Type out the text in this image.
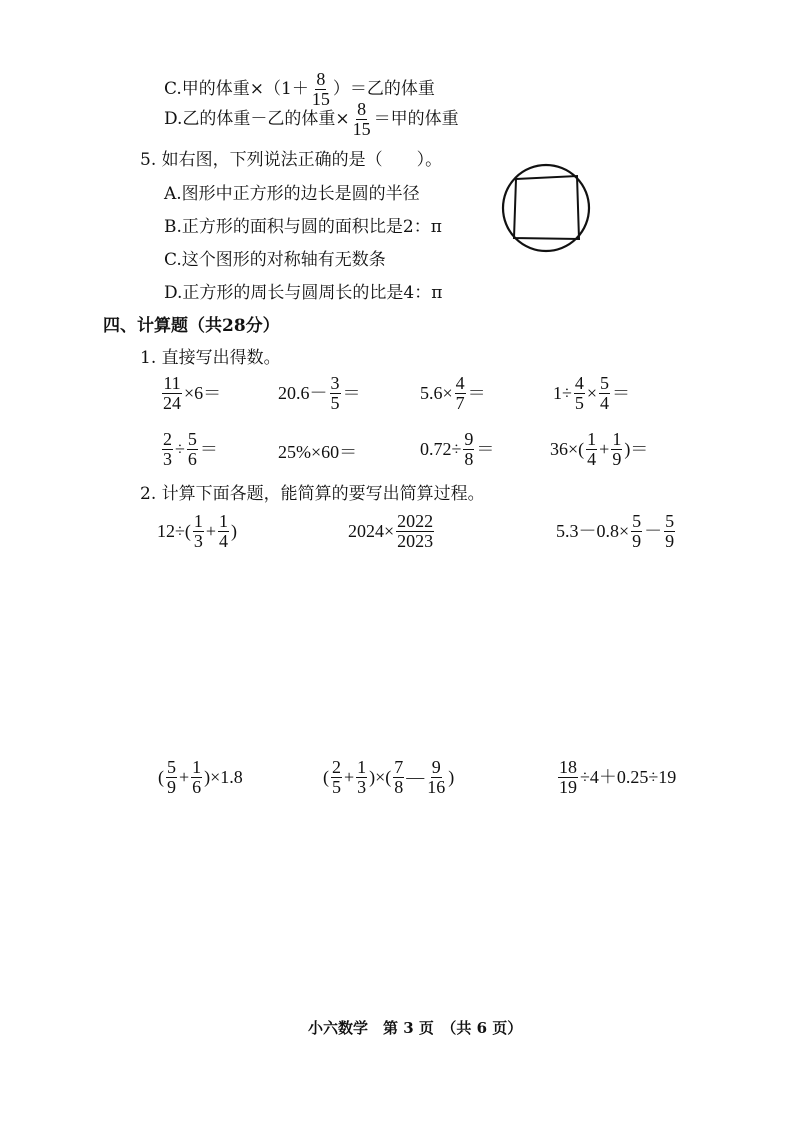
C.甲的体重$\times(1+ \frac{8}{15}$ ）＝乙的体重
D.乙的体重－乙的体重× $\frac{8}{15}$ ＝甲的体重
5. 如右图，下列说法正确的是（　　）。
A.图形中正方形的边长是圆的半径
B.正方形的面积与圆的面积比是2：π
C.这个图形的对称轴有无数条
D.正方形的周长与圆周长的比是4：π
四、计算题（共28分）
1. 直接写出得数。
$\frac{11}{24} \times 6=$	$20.6- \frac{3}{5}$ ＝	$5.6\times \frac{4}{7}$ ＝	$1\div \frac{4}{5} \times \frac{5}{4}$ ＝
$\frac{2}{3} \div \frac{5}{6}$ ＝	25%×60＝	$0.72\div \frac{9}{8}$ ＝	$36\times( \frac{1}{4} + \frac{1}{9}$ )＝
2. 计算下面各题，能简算的要写出简算过程。
$12\div( \frac{1}{3} + \frac{1}{4}$ )	$2024\times \frac{2022}{2023}$	$5.3-0.8\times \frac{5}{9} - \frac{5}{9}$
( $\frac{5}{9} + \frac{1}{6} )\times 1.8$	( $\frac{2}{5} + \frac{1}{3}$ )×( $\frac{7}{8}$ — $\frac{9}{16}$ )	$\frac{18}{19} \div 4+0.25\div 19$
小六数学　第 3 页　（共 6 页）
